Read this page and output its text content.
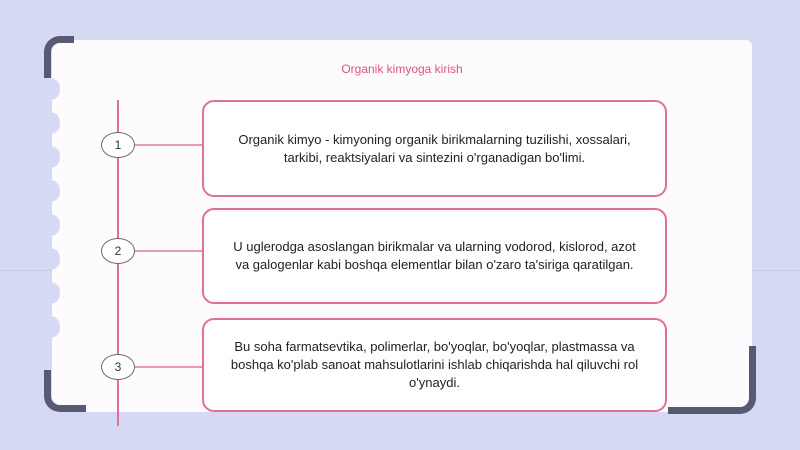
Organik kimyoga kirish
1	Organik kimyo - kimyoning organik birikmalarning tuzilishi, xossalari, tarkibi, reaktsiyalari va sintezini o'rganadigan bo'limi.
2	U uglerodga asoslangan birikmalar va ularning vodorod, kislorod, azot va galogenlar kabi boshqa elementlar bilan o'zaro ta'siriga qaratilgan.
3
Bu soha farmatsevtika, polimerlar, bo'yoqlar, bo'yoqlar, plastmassa va boshqa ko'plab sanoat mahsulotlarini ishlab chiqarishda hal qiluvchi rol o'ynaydi.
